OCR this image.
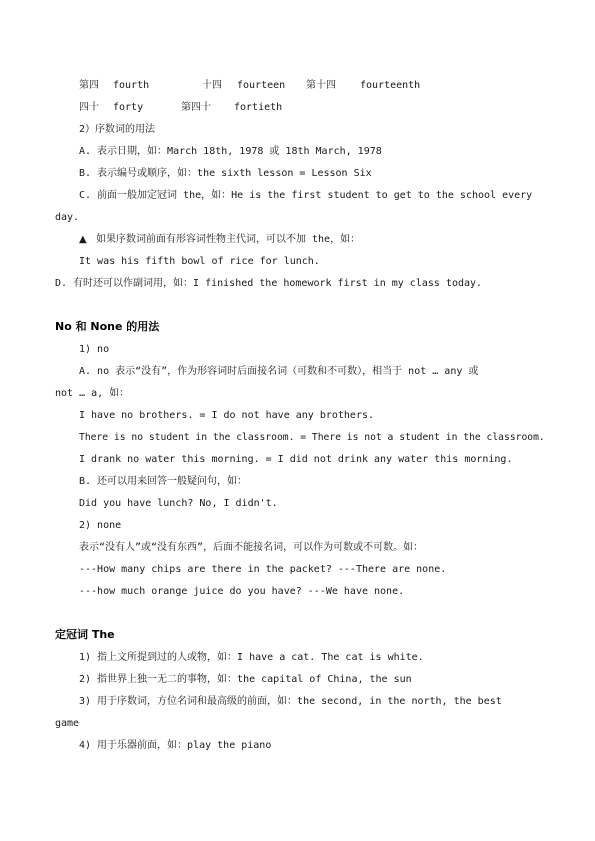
第四 fourth	十四 fourteen 第十四 fourteenth
四十 forty	第四十 fortieth
2）序数词的用法
A. 表示日期，如：March 18th, 1978 或 18th March, 1978
B. 表示编号或顺序，如：the sixth lesson = Lesson Six
C. 前面一般加定冠词 the，如：He is the first student to get to the school every
day.
▲ 如果序数词前面有形容词性物主代词，可以不加 the，如：
It was his fifth bowl of rice for lunch.
D. 有时还可以作副词用，如：I finished the homework first in my class today.
No 和 None 的用法
1) no
A. no 表示“没有”，作为形容词时后面接名词（可数和不可数），相当于 not … any 或
not … a, 如：
I have no brothers. = I do not have any brothers.
There is no student in the classroom. = There is not a student in the classroom.
I drank no water this morning. = I did not drink any water this morning.
B. 还可以用来回答一般疑问句，如：
Did you have lunch? No, I didn't.
2) none
表示“没有人”或“没有东西”，后面不能接名词，可以作为可数或不可数。如：
---How many chips are there in the packet? ---There are none.
---how much orange juice do you have? ---We have none.
定冠词 The
1) 指上文所提到过的人或物，如：I have a cat. The cat is white.
2) 指世界上独一无二的事物，如：the capital of China, the sun
3) 用于序数词，方位名词和最高级的前面，如：the second, in the north, the best
game
4) 用于乐器前面，如：play the piano
